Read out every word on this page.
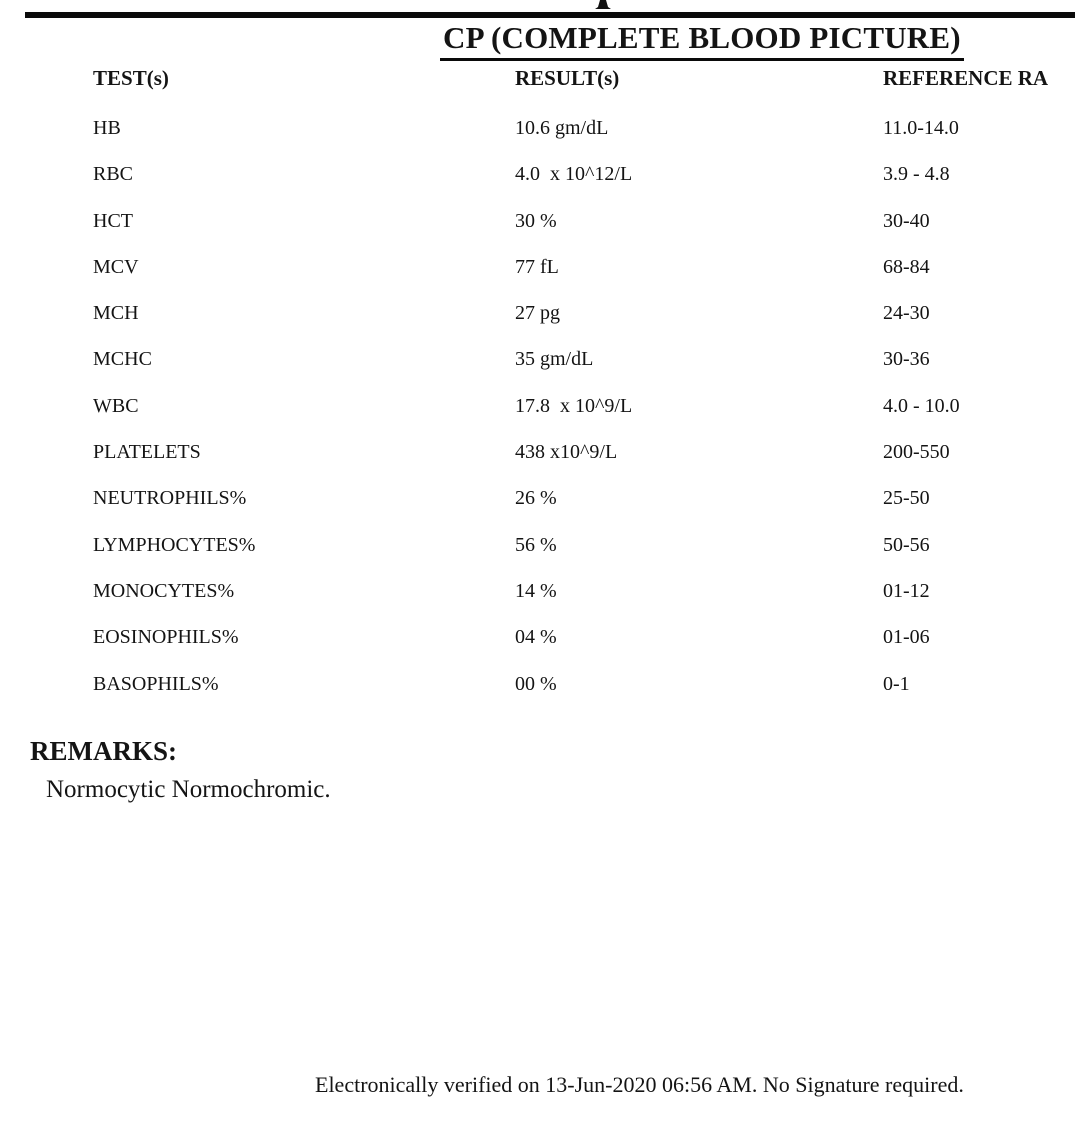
CP (COMPLETE BLOOD PICTURE)
TEST(s)	RESULT(s)	REFERENCE RA
HB	10.6 gm/dL	11.0-14.0
RBC	4.0  x 10^12/L	3.9 - 4.8
HCT	30 %	30-40
MCV	77 fL	68-84
MCH	27 pg	24-30
MCHC	35 gm/dL	30-36
WBC	17.8  x 10^9/L	4.0 - 10.0
PLATELETS	438 x10^9/L	200-550
NEUTROPHILS%	26 %	25-50
LYMPHOCYTES%	56 %	50-56
MONOCYTES%	14 %	01-12
EOSINOPHILS%	04 %	01-06
BASOPHILS%	00 %	0-1
REMARKS:
Normocytic Normochromic.
Electronically verified on 13-Jun-2020 06:56 AM. No Signature required.
